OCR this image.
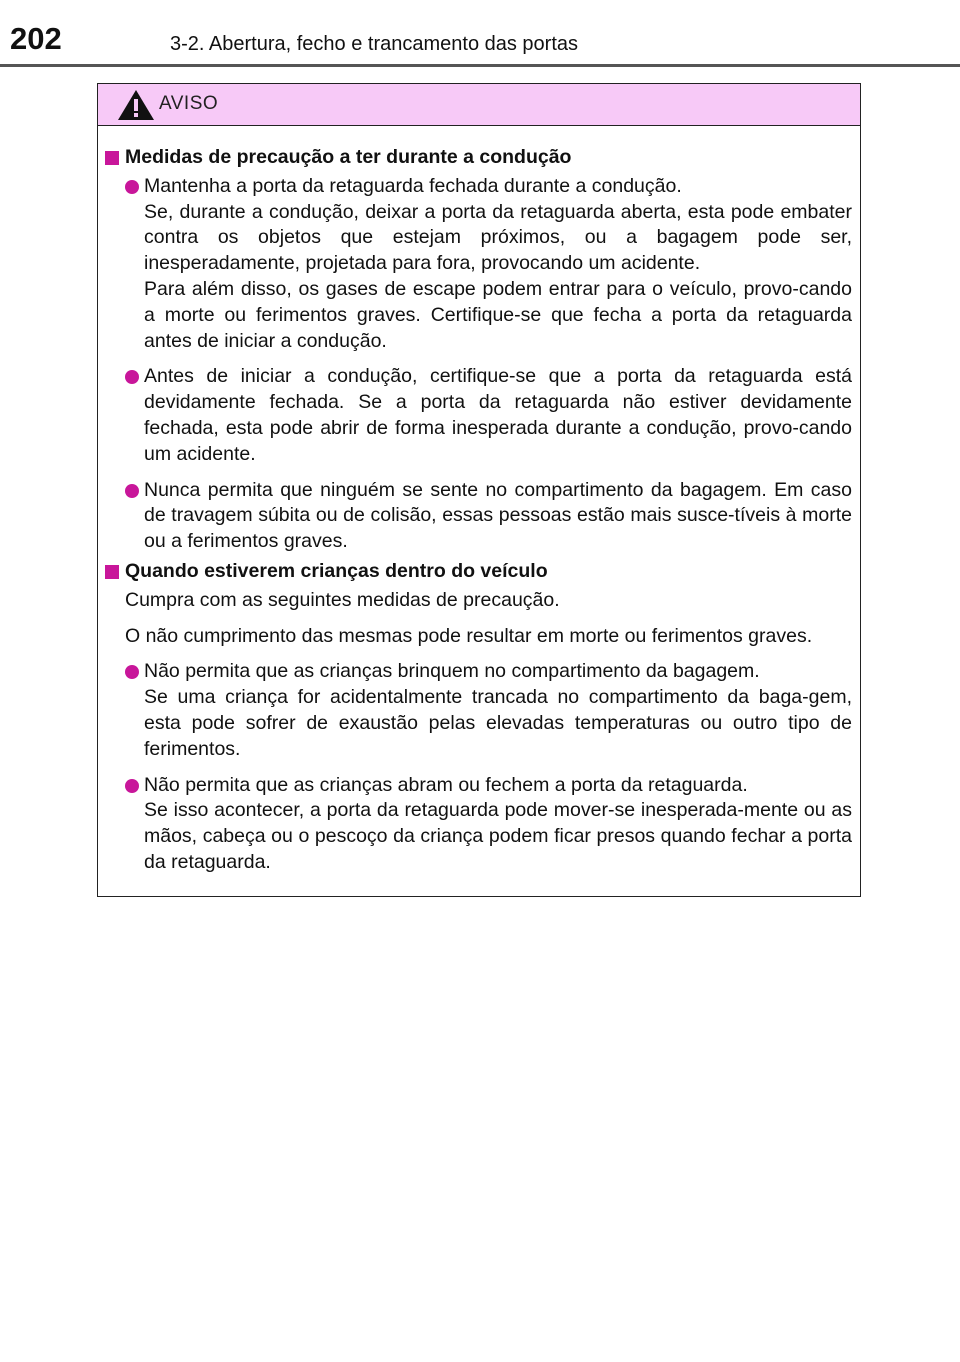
202	3-2. Abertura, fecho e trancamento das portas
AVISO
Medidas de precaução a ter durante a condução

Mantenha a porta da retaguarda fechada durante a condução.

Se, durante a condução, deixar a porta da retaguarda aberta, esta pode embater contra os objetos que estejam próximos, ou a bagagem pode ser, inesperadamente, projetada para fora, provocando um acidente.

Para além disso, os gases de escape podem entrar para o veículo, provo-cando a morte ou ferimentos graves. Certifique-se que fecha a porta da retaguarda antes de iniciar a condução.

Antes de iniciar a condução, certifique-se que a porta da retaguarda está devidamente fechada. Se a porta da retaguarda não estiver devidamente fechada, esta pode abrir de forma inesperada durante a condução, provo-cando um acidente.

Nunca permita que ninguém se sente no compartimento da bagagem. Em caso de travagem súbita ou de colisão, essas pessoas estão mais susce-tíveis à morte ou a ferimentos graves.

Quando estiverem crianças dentro do veículo

Cumpra com as seguintes medidas de precaução.

O não cumprimento das mesmas pode resultar em morte ou ferimentos graves.

Não permita que as crianças brinquem no compartimento da bagagem.

Se uma criança for acidentalmente trancada no compartimento da baga-gem, esta pode sofrer de exaustão pelas elevadas temperaturas ou outro tipo de ferimentos.

Não permita que as crianças abram ou fechem a porta da retaguarda.

Se isso acontecer, a porta da retaguarda pode mover-se inesperada-mente ou as mãos, cabeça ou o pescoço da criança podem ficar presos quando fechar a porta da retaguarda.
